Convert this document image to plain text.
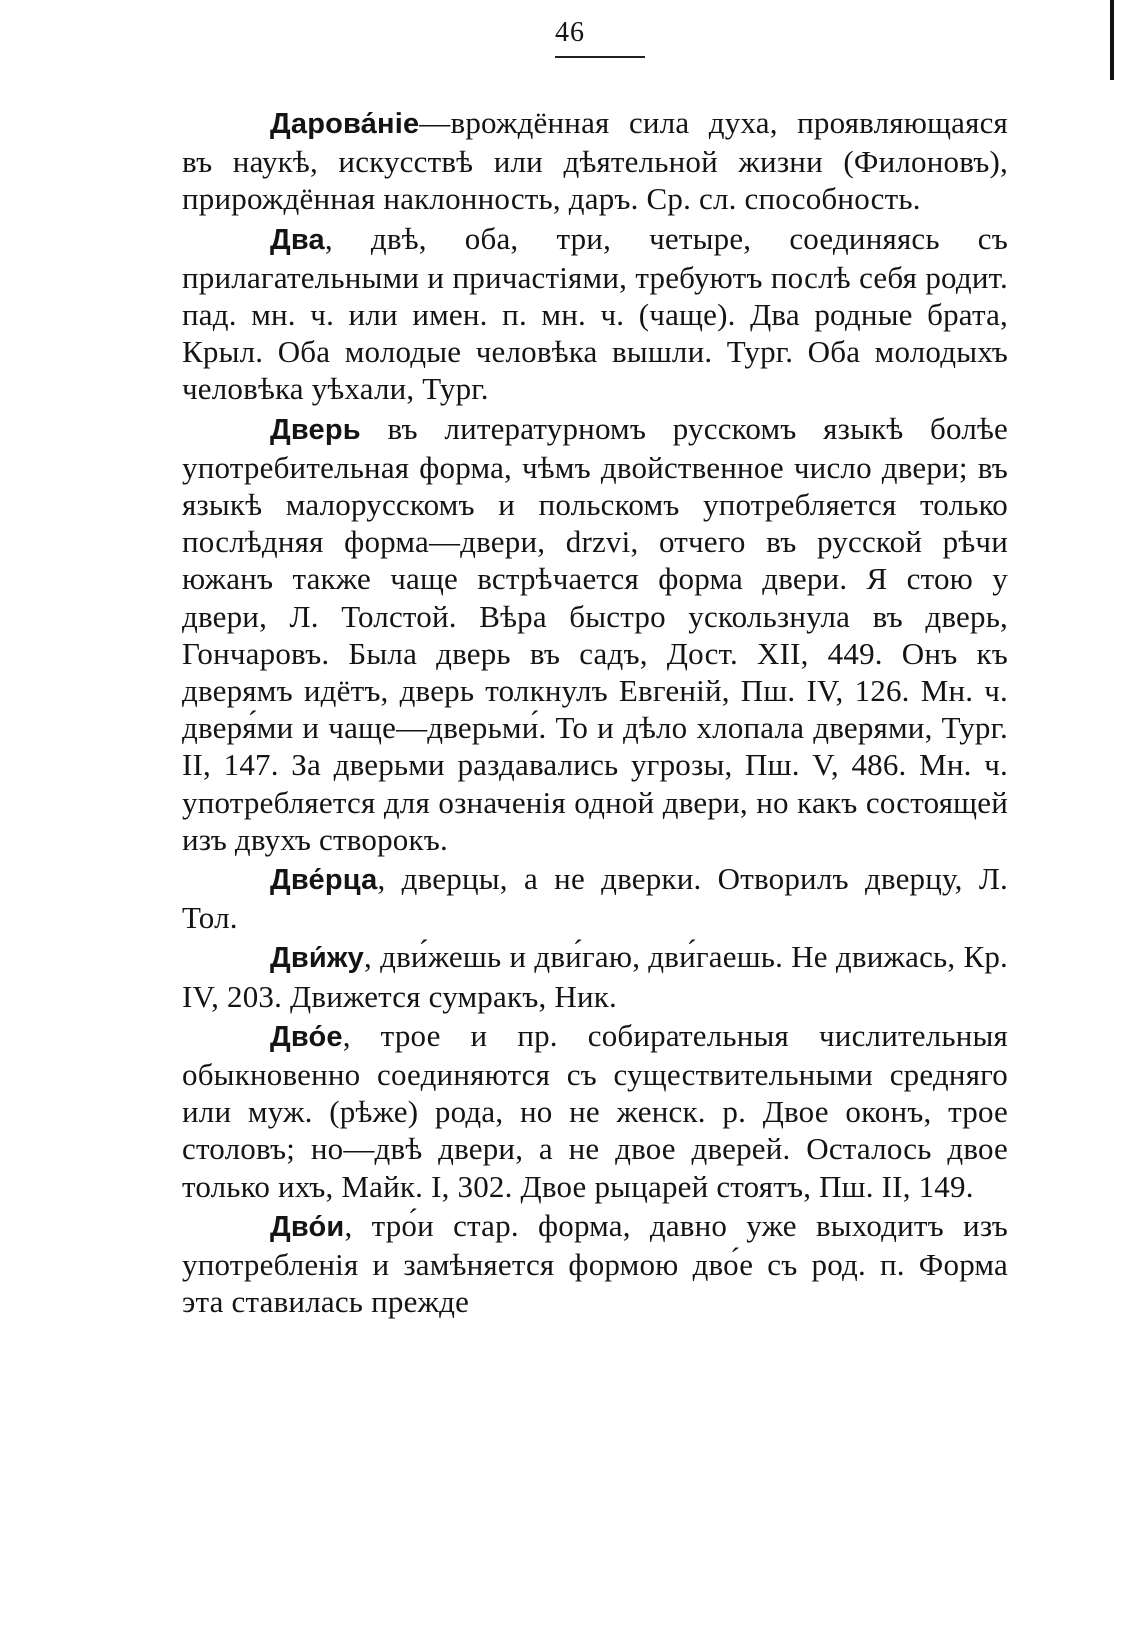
46

Дарова́ніе—врождённая сила духа, проявляющаяся въ наукѣ, искусствѣ или дѣятельной жизни (Филоновъ), прирождённая наклонность, даръ. Ср. сл. способность.

Два, двѣ, оба, три, четыре, соединяясь съ прилагательными и причастіями, требуютъ послѣ себя родит. пад. мн. ч. или имен. п. мн. ч. (чаще). Два родные брата, Крыл. Оба молодые человѣка вышли. Тург. Оба молодыхъ человѣка уѣхали, Тург.

Дверь въ литературномъ русскомъ языкѣ болѣе употребительная форма, чѣмъ двойственное число двери; въ языкѣ малорусскомъ и польскомъ употребляется только послѣдняя форма—двери, drzvi, отчего въ русской рѣчи южанъ также чаще встрѣчается форма двери. Я стою у двери, Л. Толстой. Вѣра быстро ускользнула въ дверь, Гончаровъ. Была дверь въ садъ, Дост. XII, 449. Онъ къ дверямъ идётъ, дверь толкнулъ Евгеній, Пш. IV, 126. Мн. ч. дверя́ми и чаще—дверьми́. То и дѣло хлопала дверями, Тург. II, 147. За дверьми раздавались угрозы, Пш. V, 486. Мн. ч. употребляется для означенія одной двери, но какъ состоящей изъ двухъ створокъ.

Две́рца, дверцы, а не дверки. Отворилъ дверцу, Л. Тол.

Дви́жу, дви́жешь и дви́гаю, дви́гаешь. Не движась, Кр. IV, 203. Движется сумракъ, Ник.

Дво́е, трое и пр. собирательныя числительныя обыкновенно соединяются съ существительными средняго или муж. (рѣже) рода, но не женск. р. Двое оконъ, трое столовъ; но—двѣ двери, а не двое дверей. Осталось двое только ихъ, Майк. I, 302. Двое рыцарей стоятъ, Пш. II, 149.

Дво́и, тро́и стар. форма, давно уже выходитъ изъ употребленія и замѣняется формою дво́е съ род. п. Форма эта ставилась прежде
